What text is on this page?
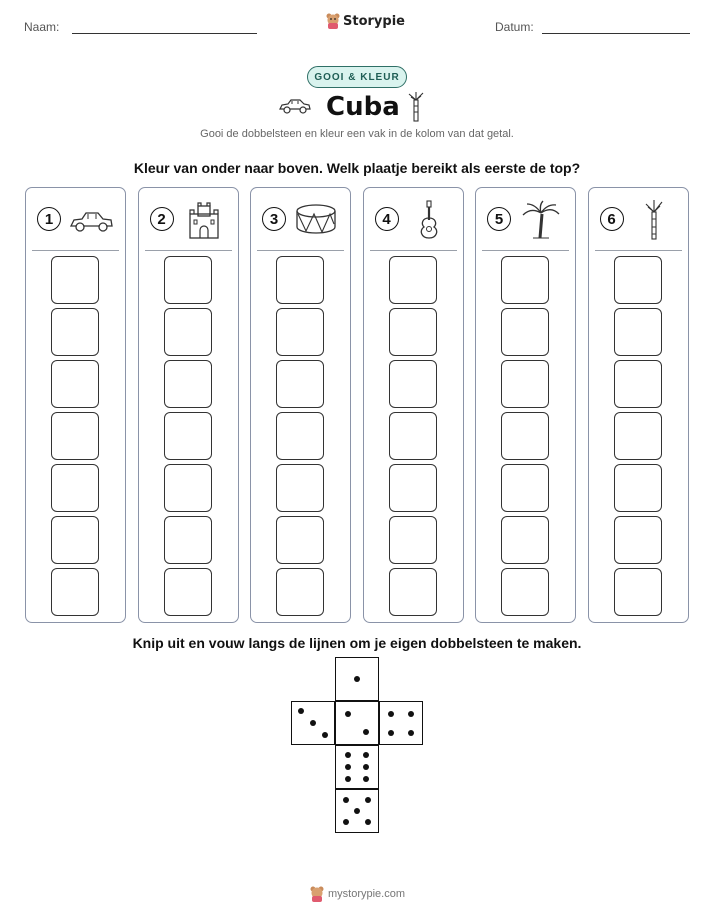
Naam:	Storypie	Datum:
GOOI & KLEUR
Cuba
Gooi de dobbelsteen en kleur een vak in de kolom van dat getal.
Kleur van onder naar boven. Welk plaatje bereikt als eerste de top?
1	2	3	4	5	6
Knip uit en vouw langs de lijnen om je eigen dobbelsteen te maken.
mystorypie.com
